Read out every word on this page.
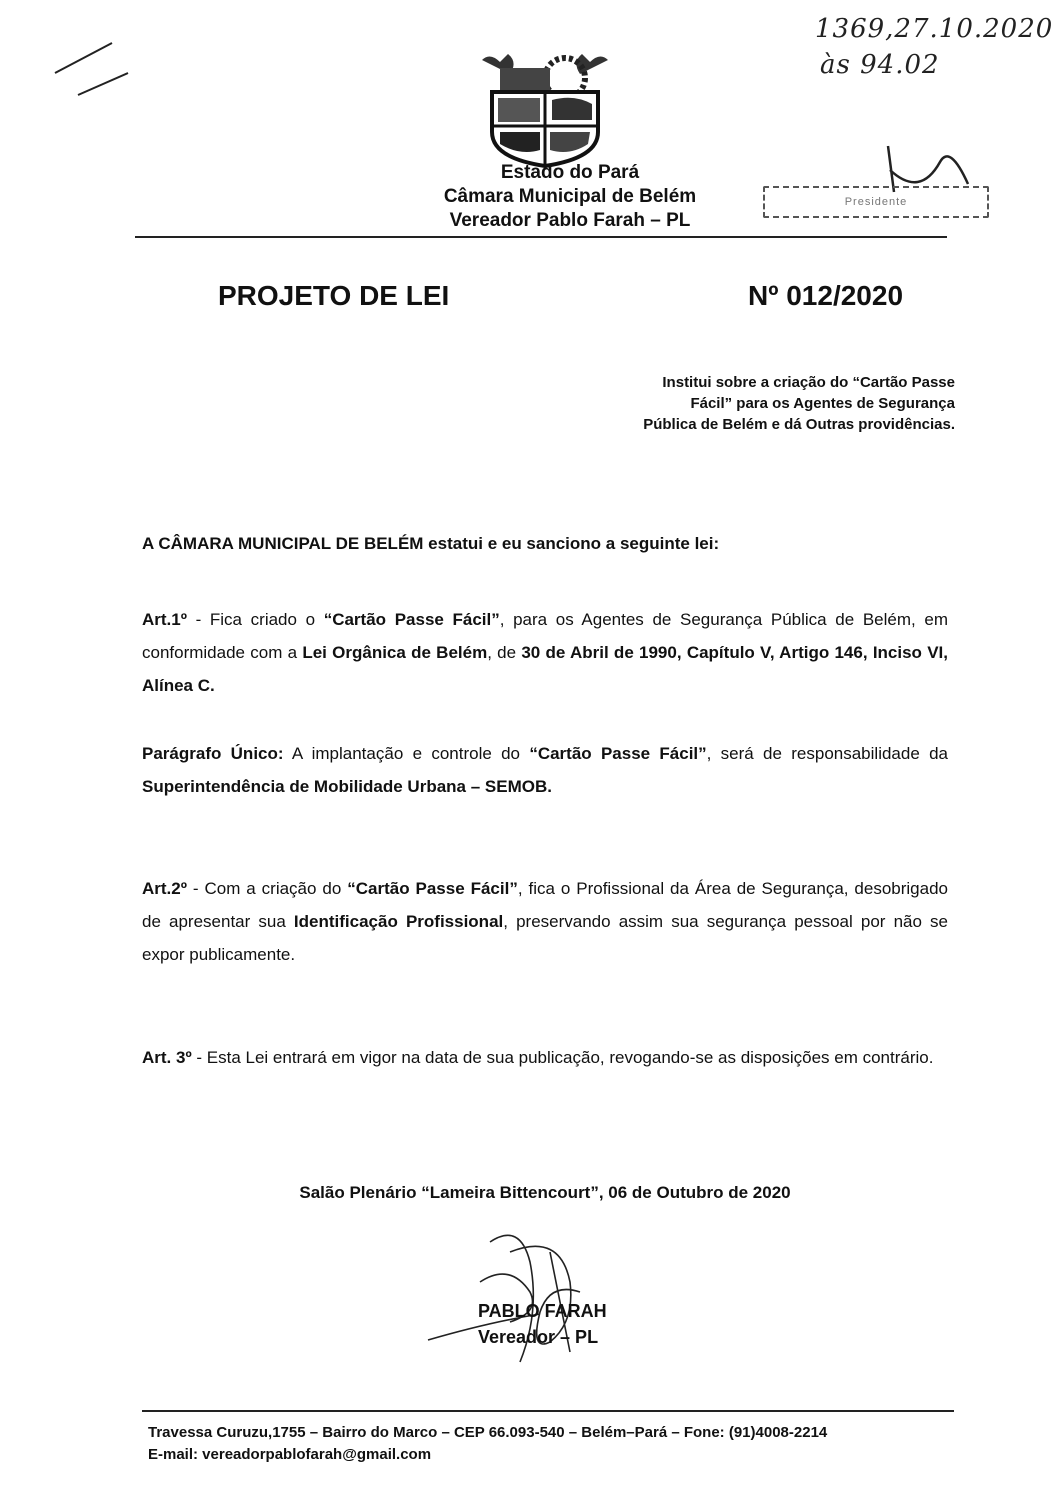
1369,27.10.2020
às 94.02
Presidente
Estado do Pará
Câmara Municipal de Belém
Vereador Pablo Farah – PL
PROJETO DE LEI	Nº 012/2020
Institui sobre a criação do “Cartão Passe
Fácil” para os Agentes de Segurança
Pública de Belém e dá Outras providências.
A CÂMARA MUNICIPAL DE BELÉM estatui e eu sanciono a seguinte lei:
Art.1º - Fica criado o “Cartão Passe Fácil”, para os Agentes de Segurança Pública de Belém, em conformidade com a Lei Orgânica de Belém, de 30 de Abril de 1990, Capítulo V, Artigo 146, Inciso VI, Alínea C.
Parágrafo Único: A implantação e controle do “Cartão Passe Fácil”, será de responsabilidade da Superintendência de Mobilidade Urbana – SEMOB.
Art.2º - Com a criação do “Cartão Passe Fácil”, fica o Profissional da Área de Segurança, desobrigado de apresentar sua Identificação Profissional, preservando assim sua segurança pessoal por não se expor publicamente.
Art. 3º - Esta Lei entrará em vigor na data de sua publicação, revogando-se as disposições em contrário.
Salão Plenário “Lameira Bittencourt”, 06 de Outubro de 2020
PABLO FARAH
Vereador – PL
Travessa Curuzu,1755 – Bairro do Marco – CEP 66.093-540 – Belém–Pará – Fone: (91)4008-2214
E-mail: vereadorpablofarah@gmail.com
